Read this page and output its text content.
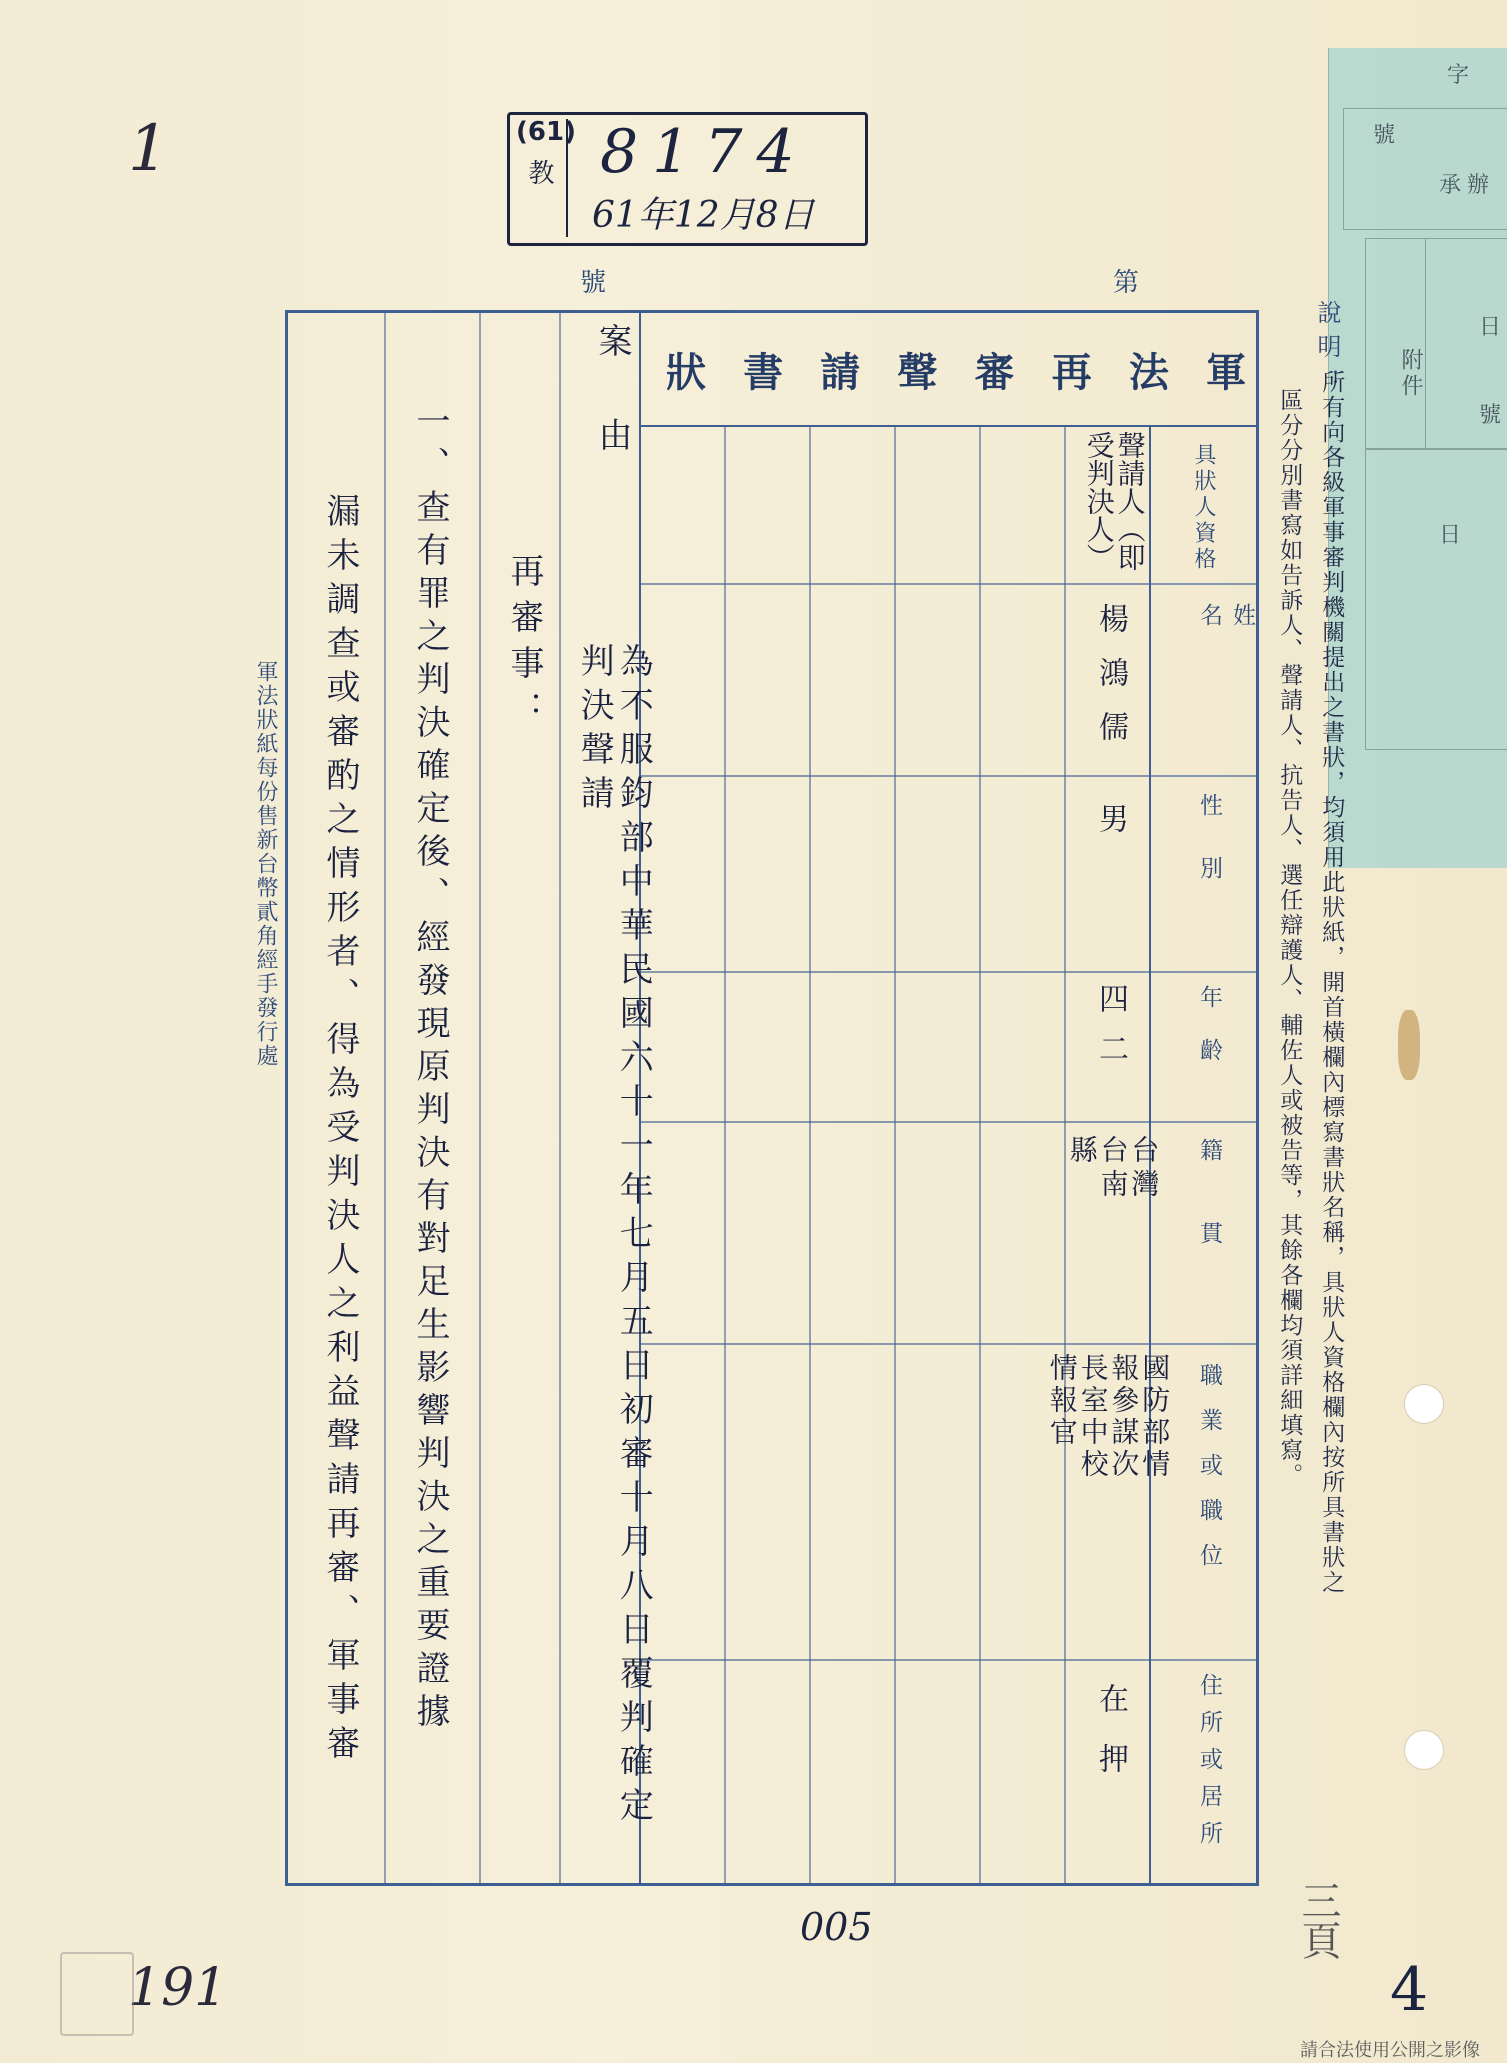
1	(61)
教 8174
61年12月8日
號	第
字
號
承辦
附件
日
號
日
說明：
所有向各級軍事審判機關提出之書狀，均須用此狀紙，開首橫欄內標寫書狀名稱，具狀人資格欄內按所具書狀之
區分分別書寫如告訴人、聲請人、抗告人、選任辯護人、輔佐人或被告等，其餘各欄均須詳細填寫。
軍法狀紙每份售新台幣貳角經手發行處
軍
法
再
審
聲
請
書
狀
具狀人資格
姓名
性別
年齡
籍貫
職業或職位
住所或居所
聲請人（即受判決人）
楊鴻儒
男
四二
台灣台南縣
國防部情報參謀次長室中校情報官
在押
案由
為不服鈞部中華民國六十一年七月五日初審十月八日覆判確定判決聲請
再審事：
一、查有罪之判決確定後、經發現原判決有對足生影響判決之重要證據
漏未調查或審酌之情形者、得為受判決人之利益聲請再審、軍事審
005
4
191
三頁
請合法使用公開之影像
